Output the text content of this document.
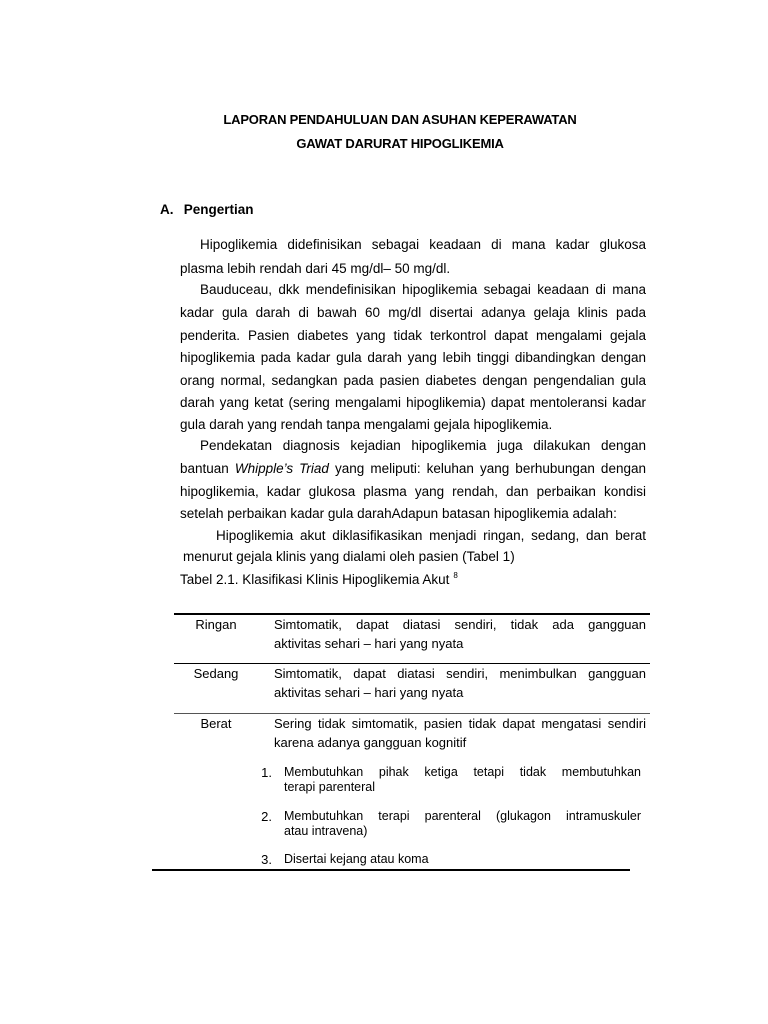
LAPORAN PENDAHULUAN DAN ASUHAN KEPERAWATAN
GAWAT DARURAT HIPOGLIKEMIA
A. Pengertian
Hipoglikemia didefinisikan sebagai keadaan di mana kadar glukosa
plasma lebih rendah dari 45 mg/dl– 50 mg/dl.
Bauduceau, dkk mendefinisikan hipoglikemia sebagai keadaan di mana
kadar gula darah di bawah 60 mg/dl disertai adanya gelaja klinis pada
penderita. Pasien diabetes yang tidak terkontrol dapat mengalami gejala
hipoglikemia pada kadar gula darah yang lebih tinggi dibandingkan dengan
orang normal, sedangkan pada pasien diabetes dengan pengendalian gula
darah yang ketat (sering mengalami hipoglikemia) dapat mentoleransi kadar
gula darah yang rendah tanpa mengalami gejala hipoglikemia.
Pendekatan diagnosis kejadian hipoglikemia juga dilakukan dengan
bantuan Whipple’s Triad yang meliputi: keluhan yang berhubungan dengan
hipoglikemia, kadar glukosa plasma yang rendah, dan perbaikan kondisi
setelah perbaikan kadar gula darahAdapun batasan hipoglikemia adalah:
Hipoglikemia akut diklasifikasikan menjadi ringan, sedang, dan berat
menurut gejala klinis yang dialami oleh pasien (Tabel 1)
Tabel 2.1. Klasifikasi Klinis Hipoglikemia Akut $^8$
Ringan	Simtomatik, dapat diatasi sendiri, tidak ada gangguan
aktivitas sehari – hari yang nyata
Sedang	Simtomatik, dapat diatasi sendiri, menimbulkan gangguan
aktivitas sehari – hari yang nyata
Berat	Sering tidak simtomatik, pasien tidak dapat mengatasi sendiri
karena adanya gangguan kognitif
1. Membutuhkan pihak ketiga tetapi tidak membutuhkan
terapi parenteral
2. Membutuhkan terapi parenteral (glukagon intramuskuler
atau intravena)
3. Disertai kejang atau koma
